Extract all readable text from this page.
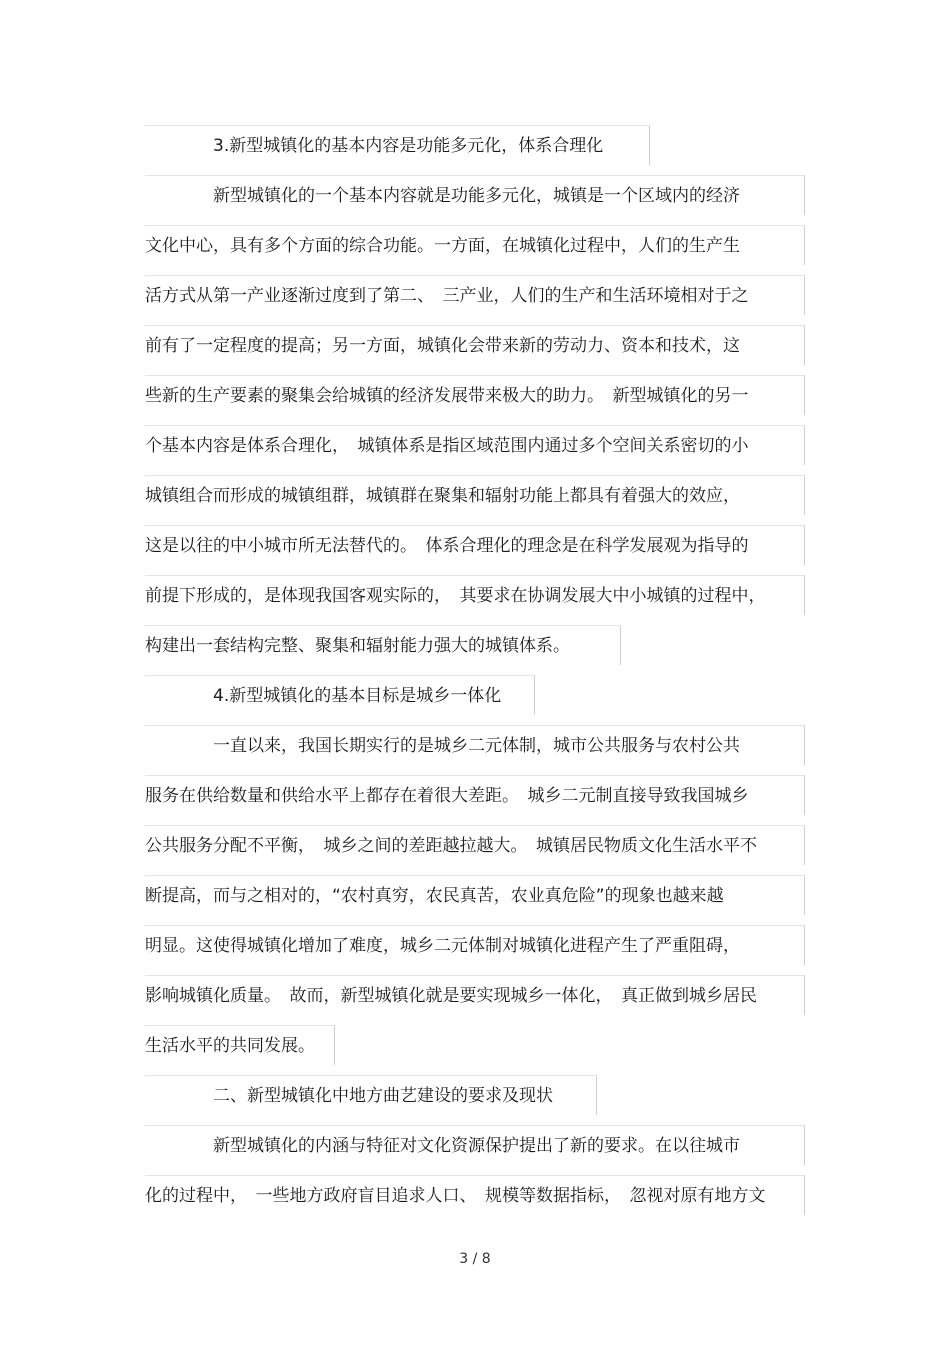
3.新型城镇化的基本内容是功能多元化，体系合理化
新型城镇化的一个基本内容就是功能多元化，城镇是一个区域内的经济
文化中心，具有多个方面的综合功能。一方面，在城镇化过程中，人们的生产生
活方式从第一产业逐渐过度到了第二、　三产业，人们的生产和生活环境相对于之
前有了一定程度的提高；另一方面，城镇化会带来新的劳动力、资本和技术，这
些新的生产要素的聚集会给城镇的经济发展带来极大的助力。　新型城镇化的另一
个基本内容是体系合理化，　城镇体系是指区域范围内通过多个空间关系密切的小
城镇组合而形成的城镇组群，城镇群在聚集和辐射功能上都具有着强大的效应，
这是以往的中小城市所无法替代的。　体系合理化的理念是在科学发展观为指导的
前提下形成的，是体现我国客观实际的，　其要求在协调发展大中小城镇的过程中，
构建出一套结构完整、聚集和辐射能力强大的城镇体系。
4.新型城镇化的基本目标是城乡一体化
一直以来，我国长期实行的是城乡二元体制，城市公共服务与农村公共
服务在供给数量和供给水平上都存在着很大差距。　城乡二元制直接导致我国城乡
公共服务分配不平衡，　城乡之间的差距越拉越大。　城镇居民物质文化生活水平不
断提高，而与之相对的，“农村真穷，农民真苦，农业真危险”的现象也越来越
明显。这使得城镇化增加了难度，城乡二元体制对城镇化进程产生了严重阻碍，
影响城镇化质量。　故而，新型城镇化就是要实现城乡一体化，　真正做到城乡居民
生活水平的共同发展。
二、新型城镇化中地方曲艺建设的要求及现状
新型城镇化的内涵与特征对文化资源保护提出了新的要求。在以往城市
化的过程中，　一些地方政府盲目追求人口、　规模等数据指标，　忽视对原有地方文
3 / 8
